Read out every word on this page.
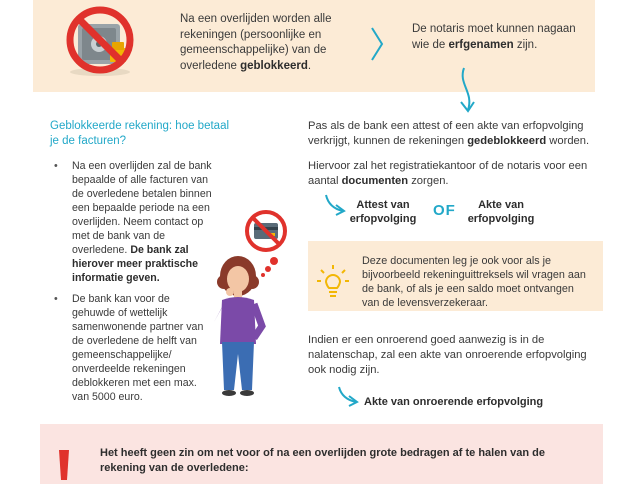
Na een overlijden worden alle rekeningen (persoonlijke en gemeenschappelijke) van de overledene geblokkeerd.
De notaris moet kunnen nagaan wie de erfgenamen zijn.
Geblokkeerde rekening: hoe betaal je de facturen?
• Na een overlijden zal de bank bepaalde of alle facturen van de overledene betalen binnen een bepaalde periode na een overlijden. Neem contact op met de bank van de overledene. De bank zal hierover meer praktische informatie geven.
• De bank kan voor de gehuwde of wettelijk samenwonende partner van de overledene de helft van gemeenschappelijke/ onverdeelde rekeningen deblokkeren met een max. van 5000 euro.
Pas als de bank een attest of een akte van erfopvolging verkrijgt, kunnen de rekeningen gedeblokkeerd worden.
Hiervoor zal het registratiekantoor of de notaris voor een aantal documenten zorgen.
Attest van erfopvolging	OF	Akte van erfopvolging
Deze documenten leg je ook voor als je bijvoorbeeld rekeninguittreksels wil vragen aan de bank, of als je een saldo moet ontvangen van de levensverzekeraar.
Indien er een onroerend goed aanwezig is in de nalatenschap, zal een akte van onroerende erfopvolging ook nodig zijn.
Akte van onroerende erfopvolging
Het heeft geen zin om net voor of na een overlijden grote bedragen af te halen van de rekening van de overledene:
